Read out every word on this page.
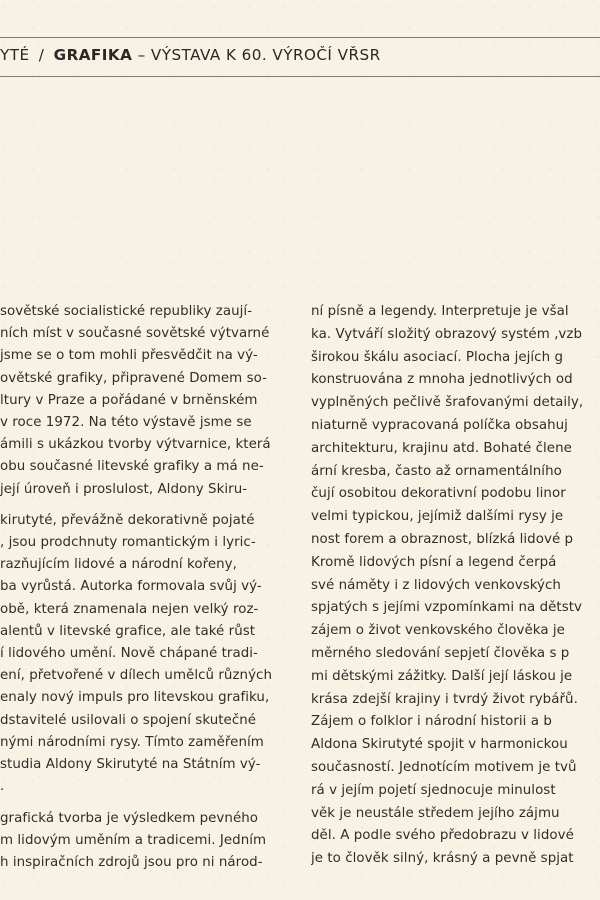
YTÉ / GRAFIKA – VÝSTAVA K 60. VÝROČÍ VŘSR
sovětské socialistické republiky zaují-
ních míst v současné sovětské výtvarné
jsme se o tom mohli přesvědčit na vý-
ovětské grafiky, připravené Domem so-
ltury v Praze a pořádané v brněnském
v roce 1972. Na této výstavě jsme se
ámili s ukázkou tvorby výtvarnice, která
obu současné litevské grafiky a má ne-
její úroveň i proslulost, Aldony Skiru-
kirutyté, převážně dekorativně pojaté
, jsou prodchnuty romantickým i lyric-
razňujícím lidové a národní kořeny,
ba vyrůstá. Autorka formovala svůj vý-
obě, která znamenala nejen velký roz-
alentů v litevské grafice, ale také růst
í lidového umění. Nově chápané tradi-
ení, přetvořené v dílech umělců různých
enaly nový impuls pro litevskou grafiku,
dstavitelé usilovali o spojení skutečné
nými národními rysy. Tímto zaměřením
studia Aldony Skirutyté na Státním vý-
.
grafická tvorba je výsledkem pevného
m lidovým uměním a tradicemi. Jedním
h inspiračních zdrojů jsou pro ni národ-
ní písně a legendy. Interpretuje je všal
ka. Vytváří složitý obrazový systém ‚vzb
širokou škálu asociací. Plocha jejích g
konstruována z mnoha jednotlivých od
vyplněných pečlivě šrafovanými detaily,
niaturně vypracovaná políčka obsahuj
architekturu, krajinu atd. Bohaté člene
ární kresba, často až ornamentálního
čují osobitou dekorativní podobu linor
velmi typickou, jejímiž dalšími rysy je
nost forem a obraznost, blízká lidové p
Kromě lidových písní a legend čerpá
své náměty i z lidových venkovských
spjatých s jejími vzpomínkami na dětstv
zájem o život venkovského člověka je
měrného sledování sepjetí člověka s p
mi dětskými zážitky. Další její láskou je
krása zdejší krajiny i tvrdý život rybářů.
Zájem o folklor i národní historii a b
Aldona Skirutyté spojit v harmonickou
současností. Jednotícím motivem je tvů
rá v jejím pojetí sjednocuje minulost
věk je neustále středem jejího zájmu
děl. A podle svého předobrazu v lidové
je to člověk silný, krásný a pevně spjat
